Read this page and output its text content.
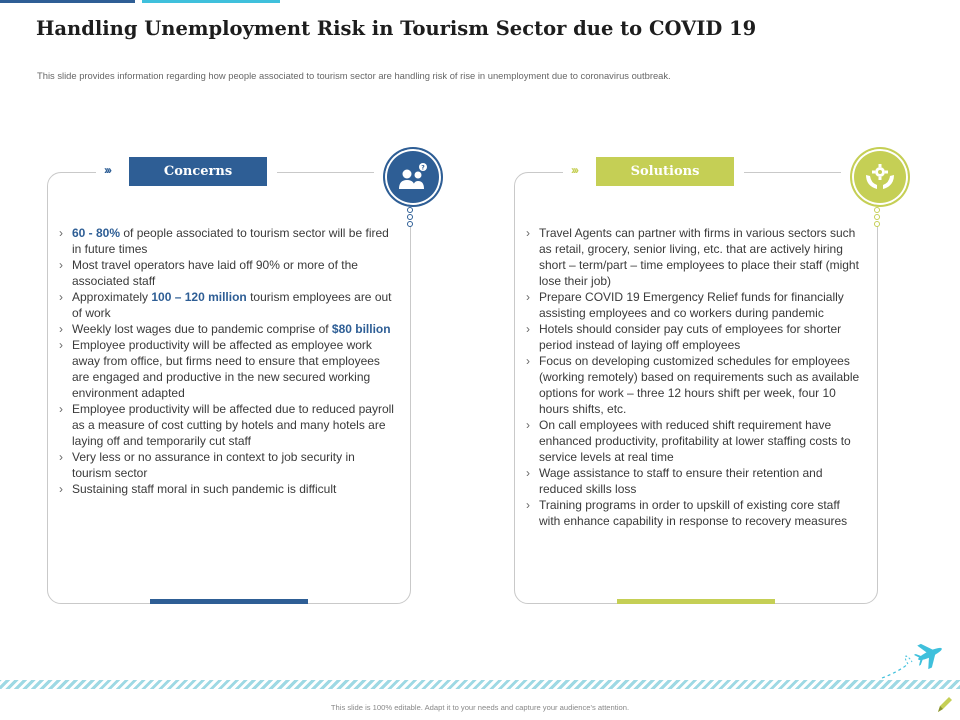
Handling Unemployment Risk in Tourism Sector due to COVID 19
This slide provides information regarding how people associated to tourism sector are handling risk of rise in unemployment due to coronavirus outbreak.
›››	Concerns	?
› 60 - 80% of people associated to tourism sector will be fired in future times
› Most travel operators have laid off 90% or more of the associated staff
› Approximately 100 – 120 million tourism employees are out of work
› Weekly lost wages due to pandemic comprise of $80 billion
› Employee productivity will be affected as employee work away from office, but firms need to ensure that employees are engaged and productive in the new secured working environment adapted
› Employee productivity will be affected due to reduced payroll as a measure of cost cutting by hotels and many hotels are laying off and temporarily cut staff
› Very less or no assurance in context to job security in tourism sector
› Sustaining staff moral in such pandemic is difficult
›››	Solutions
› Travel Agents can partner with firms in various sectors such as retail, grocery, senior living, etc. that are actively hiring short – term/part – time employees to place their staff (might lose their job)
› Prepare COVID 19 Emergency Relief funds for financially assisting employees and co workers during pandemic
› Hotels should consider pay cuts of employees for shorter period instead of laying off employees
› Focus on developing customized schedules for employees (working remotely) based on requirements such as available options for work – three 12 hours shift per week, four 10 hours shifts, etc.
› On call employees with reduced shift requirement have enhanced productivity, profitability at lower staffing costs to service levels at real time
› Wage assistance to staff to ensure their retention and reduced skills loss
› Training programs in order to upskill of existing core staff with enhance capability in response to recovery measures
This slide is 100% editable. Adapt it to your needs and capture your audience's attention.
